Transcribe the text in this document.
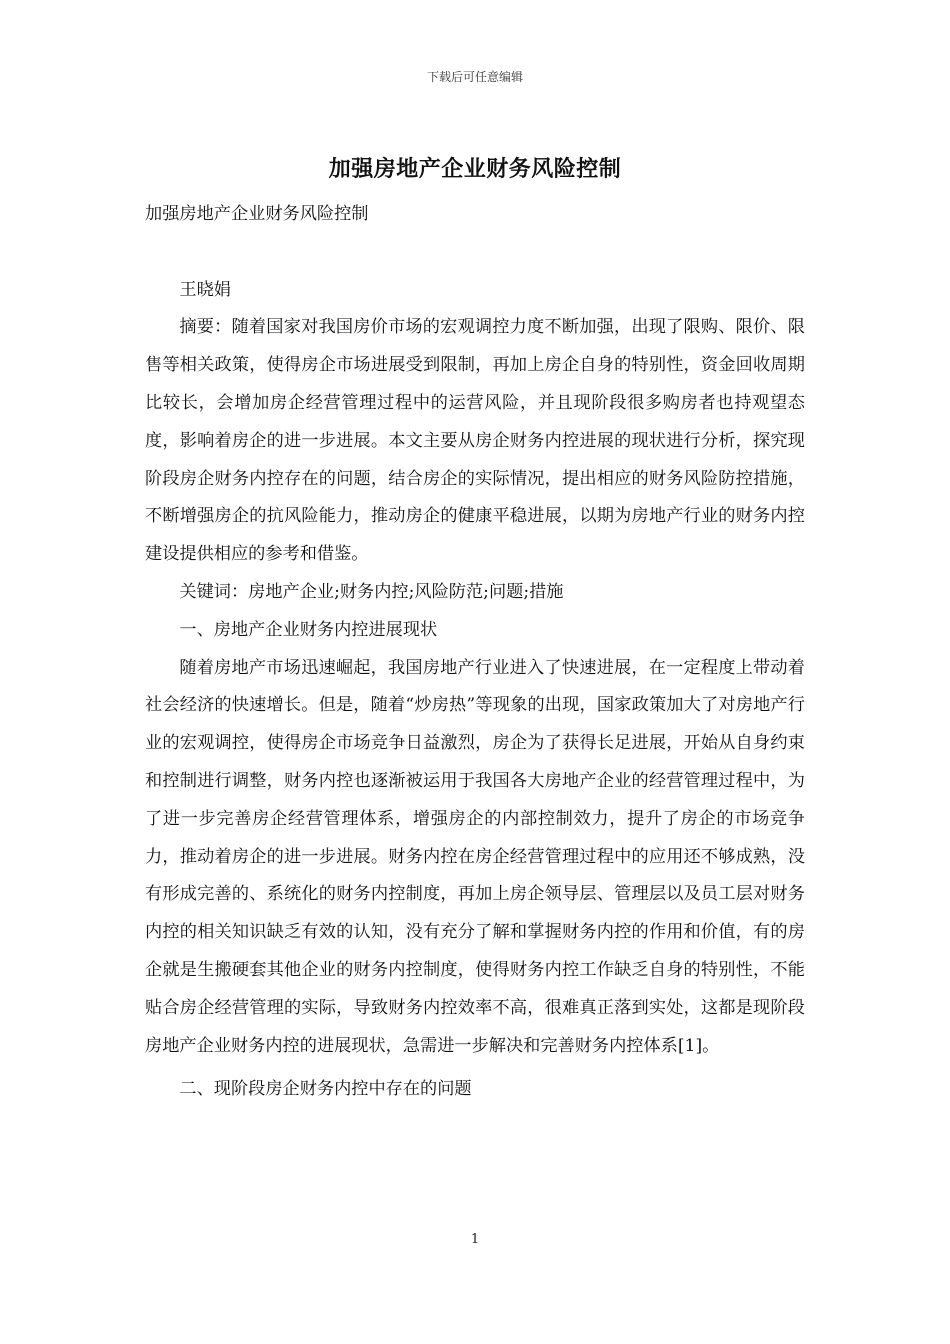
下载后可任意编辑
加强房地产企业财务风险控制

加强房地产企业财务风险控制

王晓娟

摘要：随着国家对我国房价市场的宏观调控力度不断加强，出现了限购、限价、限售等相关政策，使得房企市场进展受到限制，再加上房企自身的特别性，资金回收周期比较长，会增加房企经营管理过程中的运营风险，并且现阶段很多购房者也持观望态度，影响着房企的进一步进展。本文主要从房企财务内控进展的现状进行分析，探究现阶段房企财务内控存在的问题，结合房企的实际情况，提出相应的财务风险防控措施，不断增强房企的抗风险能力，推动房企的健康平稳进展，以期为房地产行业的财务内控建设提供相应的参考和借鉴。

关键词：房地产企业;财务内控;风险防范;问题;措施

一、房地产企业财务内控进展现状

随着房地产市场迅速崛起，我国房地产行业进入了快速进展，在一定程度上带动着社会经济的快速增长。但是，随着“炒房热”等现象的出现，国家政策加大了对房地产行业的宏观调控，使得房企市场竞争日益激烈，房企为了获得长足进展，开始从自身约束和控制进行调整，财务内控也逐渐被运用于我国各大房地产企业的经营管理过程中，为了进一步完善房企经营管理体系，增强房企的内部控制效力，提升了房企的市场竞争力，推动着房企的进一步进展。财务内控在房企经营管理过程中的应用还不够成熟，没有形成完善的、系统化的财务内控制度，再加上房企领导层、管理层以及员工层对财务内控的相关知识缺乏有效的认知，没有充分了解和掌握财务内控的作用和价值，有的房企就是生搬硬套其他企业的财务内控制度，使得财务内控工作缺乏自身的特别性，不能贴合房企经营管理的实际，导致财务内控效率不高，很难真正落到实处，这都是现阶段房地产企业财务内控的进展现状，急需进一步解决和完善财务内控体系[1]。

二、现阶段房企财务内控中存在的问题

1
